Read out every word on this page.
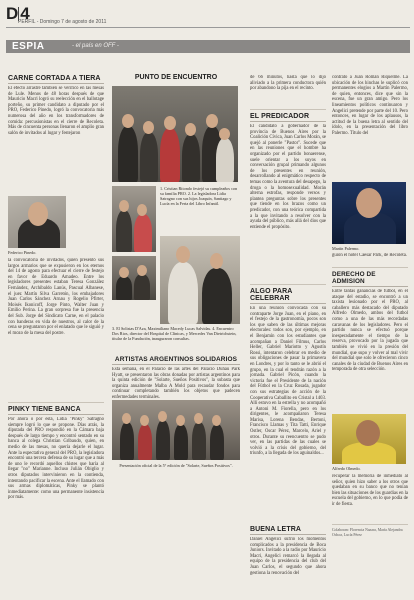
D 4
PERFIL - Domingo 7 de agosto de 2011
ESPIA	- el país en OFF -
CARNE CORTADA A TIERA
El efecto arrastre también se verificó en las mesas de Lule. Menos de 48 horas después de que Mauricio Macri logró su reelección en el ballotage porteño, su primer candidato a diputado por el PRO, Federico Pinedo, logró la convocatoria más numerosa del año en los transformadores de comida: percusionistas en el cierre de Recoleta. Más de cincuenta personas llenaron el amplio gran salón de invitados al lugar y festejaron
Federico Pinedo.
la convocatoria de invitados, quien presentó sus largos armarios que se expusieron en los eternos del 14 de agosto para efectuar el cierre de festejo en favor de Eduardo Amadeo. Entre los legisladores presentes estaban Teresa González Fernández, Archibaldo Lanús, Pascual Albanese, el juez Martín Silva Garretón, los embajadores Juan Carlos Sánchez Arnau y Rogelio Pfirter, Moisés Ikonicoff, Jorge Pinto, Walter Juan y Emilio Perina. La gran sorpresa fue la presencia del Sub. Jorge del Sindicato Carne, en el palacio con banderas en vida de nuestros, al calor de la cena se preguntaron por el enlatado que le siguió y el mozo de la mesa del postre.
PINKY TIENE BANCA
Por ahora o por ésta, Lidia "Pinky" Satragno siempre logró lo que se propone. Días atrás, la diputada del PRO respondió en la Cámara baja después de largo tiempo y encontró sentado en su banca al colega Christian Gribaudo, quien, en medio de las mesas, no quería dejarle el lugar. Ante la espectativa general del PRO, la legisladora encontró una tercera defensa de su lugar que a más de uno le recordó aquellos chistes que haría al llegar "no" Marianne. Incluso Julián Obiglio y otros diputados intervinieron en la contienda, intentando pacificar la escena. Ante el llamado con sus armas diplomáticas, Pinky se plantó inmediatamente: como una permanente insistencia por más.
PUNTO DE ENCUENTRO
1. Cristian Ritondo festejó su cumpleaños con su familia PRO. 2. La legisladora Lidia Satragno con sus hijos Joaquín, Santiago y Lucía en la Feria del Libro Infantil.
3. El Solistas D'Aza, Maximiliano Macedy Lucas Salvidas. 4. Encuentro Dos Rios, director del Hospital de Clínicas, y Mercedes Van Dietrichstein, titular de la Fundación, inauguraron consultas.
ARTISTAS ARGENTINOS SOLIDARIOS
Esta semana, en el Palacio de las artes del Palacio Duhau Park Hyatt, se presentaron las obras donadas por artistas argentinos para la quinta edición de "Solarte, Sueños Positivos", la subasta que organiza anualmente Malba A Mold para recaudar fondos para continuar completando también los objetos que padecen enfermedades terminales.
Presentación oficial de la 5° edición de "Solarte, Sueños Positivos".
de 66 minutos, hasta que lo dijo aliviado a la primera conductora quién por abandono la pija en el recinto.
EL PREDICADOR
El candidato a gobernador de la provincia de Buenos Aires por la Coalición Cívica, Juan Carlos Morán, se quejó al ponerle "Pastor". Sucede que en las reuniones que el hombre ha organizado por el partido bonaerense, suele orientar a los suyos en conversación grupal primando algunos de los presentes en reunión, desarrollando al enigmático respecto de temas como la aventura del desapego, la droga o la homosexualidad. Morán alterna estrofas, responde versos y plantea preguntas sobre los presentes que tiende en los brazos como un predicador, con una teórica compartida a la que invitando a resolver con la ayuda del público, más allá del dios que entiende el propósito.
ALGO PARA CELEBRAR
En una reunión convocada con su contraparte Jorge Juan, en el piano, en el festejo de la gastronomía, pocos son los que saben de las últimas mejoras electorales: todos son, por ejemplo, en el Benjamín con los estudiantes que acompañan a Daniel Filmus, Carlos Heller, Gabriel Mariotto y Agustín Rossi, intentaron celebrar en medio de sus obligaciones de pasar la primavera en Londres, y por lo tanto se le abrió el grupo, en la cual el tendrán razón a la jornada. Gabriel Picón, cuando la victoria fue el Presidente de la nación del Fútbol en la Cruz Rosada, jugador con sus estrategias de acción de la Cooperativa Caballito en Cristal a 1403. Allí estuvo en la estrella y no acompañó a Antoni M. Fiorella, pero en los dirigentes, le acompañaron Teresa Marisa, Lorena Bendas, Bertoni, Francisco Llamas y Tita Tatti, Enrique Ostler, Oscar Pérez, Marcelo, Ariel y otros. Durante su reencuentro se pudo ver, en las partidas de las cuales se volvió a la crisis del gobierno, del triunfo, a la llegada de los aguinaldos...
BUENA LETRA
Daniel Angelici sufrió los momentos complicados a la presidencia de Boca Juniors. Invitado a la radio por Mauricio Macri, Angelici remarcó la llegada al equipo de la presidencia del club del Juan Carlos, el segundo que ahora gestiona la renovación del
contrato a Juan Román Riquelme. La ubicación de los hinchas le suplicó con permanentes elogios a Martín Palermo, de quien, entonces, dice que sin la escena, fue un gran amigo. Pero los lineamientos políticos continuaron y Angelici pretende por parte del 10. Pero entonces, en lugar de los aplausos, la actitud de la buena letra al sentido del ídolo, en la presentación del libro Palermo. Título del
Martín Palermo.
guión el hotel Caesar Park, de Recoleta.
DERECHO DE ADMISION
Entre tantas ganancias de futbol, en el ataque del estadio, se encontró a un taxista lesionado por el PRO, al caballero más destacado del diputado Alfredo Olmedo, ambos del futbol como a una de las más recordadas caravanas de los legisladores. Pero el partido nunca se efectuó porque inesperadamente el tiempo de la reserva, provocado por la jugada que también se vivió en la presión del mundial, que supo y volver al mal vivir del mundial que solo le ofrecieron cinco canales de la ciudad de Buenos Aires en temporada de otra selección.
Alfredo Olmedo.
recuperar la memoria de inmediato al señor, quien hizo saber a los otros que quedaban en su banco que no tenían bien las situaciones de los guardias en la escuela del gobierno, en lo que podía de ir de fiesta.
Colaboran: Florencia Nazara, María Alejandra Ochoa, Lucía Pérez
